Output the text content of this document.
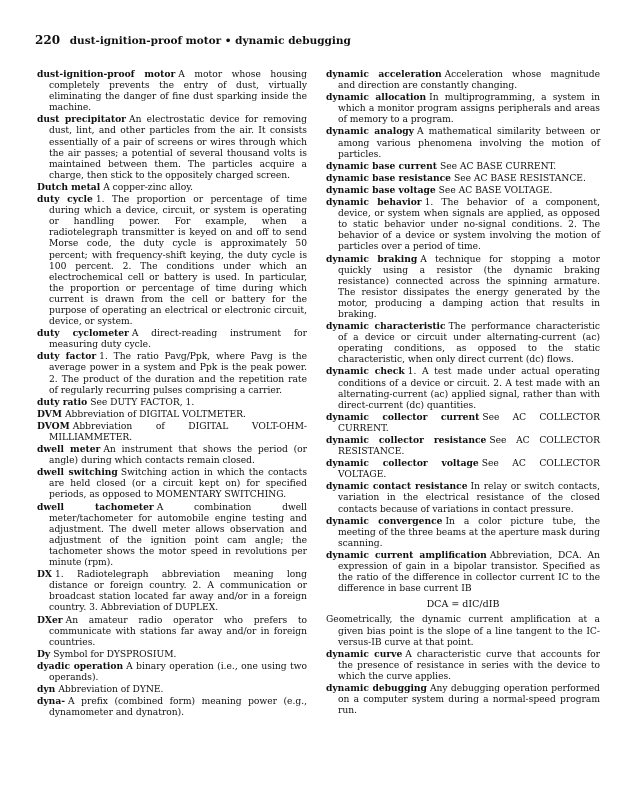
220 dust-ignition-proof motor • dynamic debugging

dust-ignition-proof motor A motor whose housing completely prevents the entry of dust, virtually eliminating the danger of fine dust sparking inside the machine.

dust precipitator An electrostatic device for removing dust, lint, and other particles from the air. It consists essentially of a pair of screens or wires through which the air passes; a potential of several thousand volts is maintained between them. The particles acquire a charge, then stick to the oppositely charged screen.

Dutch metal A copper-zinc alloy.

duty cycle 1. The proportion or percentage of time during which a device, circuit, or system is operating or handling power. For example, when a radiotelegraph transmitter is keyed on and off to send Morse code, the duty cycle is approximately 50 percent; with frequency-shift keying, the duty cycle is 100 percent. 2. The conditions under which an electrochemical cell or battery is used. In particular, the proportion or percentage of time during which current is drawn from the cell or battery for the purpose of operating an electrical or electronic circuit, device, or system.

duty cyclometer A direct-reading instrument for measuring duty cycle.

duty factor 1. The ratio Pavg/Ppk, where Pavg is the average power in a system and Ppk is the peak power. 2. The product of the duration and the repetition rate of regularly recurring pulses comprising a carrier.

duty ratio See DUTY FACTOR, 1.

DVM Abbreviation of DIGITAL VOLTMETER.

DVOM Abbreviation of DIGITAL VOLT-OHM-MILLIAMMETER.

dwell meter An instrument that shows the period (or angle) during which contacts remain closed.

dwell switching Switching action in which the contacts are held closed (or a circuit kept on) for specified periods, as opposed to MOMENTARY SWITCHING.

dwell tachometer A combination dwell meter/tachometer for automobile engine testing and adjustment. The dwell meter allows observation and adjustment of the ignition point cam angle; the tachometer shows the motor speed in revolutions per minute (rpm).

DX 1. Radiotelegraph abbreviation meaning long distance or foreign country. 2. A communication or broadcast station located far away and/or in a foreign country. 3. Abbreviation of DUPLEX.

DXer An amateur radio operator who prefers to communicate with stations far away and/or in foreign countries.

Dy Symbol for DYSPROSIUM.

dyadic operation A binary operation (i.e., one using two operands).

dyn Abbreviation of DYNE.

dyna- A prefix (combined form) meaning power (e.g., dynamometer and dynatron).

dynamic acceleration Acceleration whose magnitude and direction are constantly changing.

dynamic allocation In multiprogramming, a system in which a monitor program assigns peripherals and areas of memory to a program.

dynamic analogy A mathematical similarity between or among various phenomena involving the motion of particles.

dynamic base current See AC BASE CURRENT.

dynamic base resistance See AC BASE RESISTANCE.

dynamic base voltage See AC BASE VOLTAGE.

dynamic behavior 1. The behavior of a component, device, or system when signals are applied, as opposed to static behavior under no-signal conditions. 2. The behavior of a device or system involving the motion of particles over a period of time.

dynamic braking A technique for stopping a motor quickly using a resistor (the dynamic braking resistance) connected across the spinning armature. The resistor dissipates the energy generated by the motor, producing a damping action that results in braking.

dynamic characteristic The performance characteristic of a device or circuit under alternating-current (ac) operating conditions, as opposed to the static characteristic, when only direct current (dc) flows.

dynamic check 1. A test made under actual operating conditions of a device or circuit. 2. A test made with an alternating-current (ac) applied signal, rather than with direct-current (dc) quantities.

dynamic collector current See AC COLLECTOR CURRENT.

dynamic collector resistance See AC COLLECTOR RESISTANCE.

dynamic collector voltage See AC COLLECTOR VOLTAGE.

dynamic contact resistance In relay or switch contacts, variation in the electrical resistance of the closed contacts because of variations in contact pressure.

dynamic convergence In a color picture tube, the meeting of the three beams at the aperture mask during scanning.

dynamic current amplification Abbreviation, DCA. An expression of gain in a bipolar transistor. Specified as the ratio of the difference in collector current IC to the difference in base current IB

DCA = dIC/dIB

Geometrically, the dynamic current amplification at a given bias point is the slope of a line tangent to the IC-versus-IB curve at that point.

dynamic curve A characteristic curve that accounts for the presence of resistance in series with the device to which the curve applies.

dynamic debugging Any debugging operation performed on a computer system during a normal-speed program run.
